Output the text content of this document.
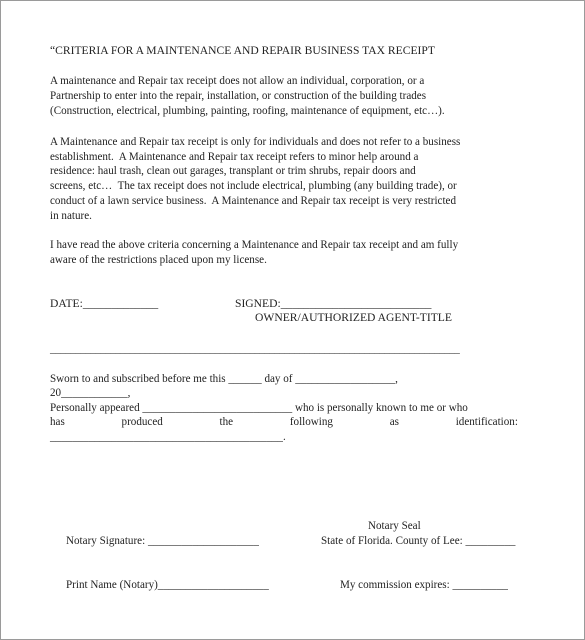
“CRITERIA FOR A MAINTENANCE AND REPAIR BUSINESS TAX RECEIPT
A maintenance and Repair tax receipt does not allow an individual, corporation, or a
Partnership to enter into the repair, installation, or construction of the building trades
(Construction, electrical, plumbing, painting, roofing, maintenance of equipment, etc…).
A Maintenance and Repair tax receipt is only for individuals and does not refer to a business
establishment.  A Maintenance and Repair tax receipt refers to minor help around a
residence: haul trash, clean out garages, transplant or trim shrubs, repair doors and
screens, etc…  The tax receipt does not include electrical, plumbing (any building trade), or
conduct of a lawn service business.  A Maintenance and Repair tax receipt is very restricted
in nature.
I have read the above criteria concerning a Maintenance and Repair tax receipt and am fully
aware of the restrictions placed upon my license.
DATE:_____________	SIGNED:__________________________
OWNER/AUTHORIZED AGENT-TITLE
__________________________________________________________________________________
Sworn to and subscribed before me this ______ day of __________________,
20____________,
Personally appeared ___________________________ who is personally known to me or who
has	produced	the	following	as	identification:
__________________________________________.
Notary Seal
Notary Signature: ____________________	State of Florida. County of Lee: _________
Print Name (Notary)____________________	My commission expires: __________
